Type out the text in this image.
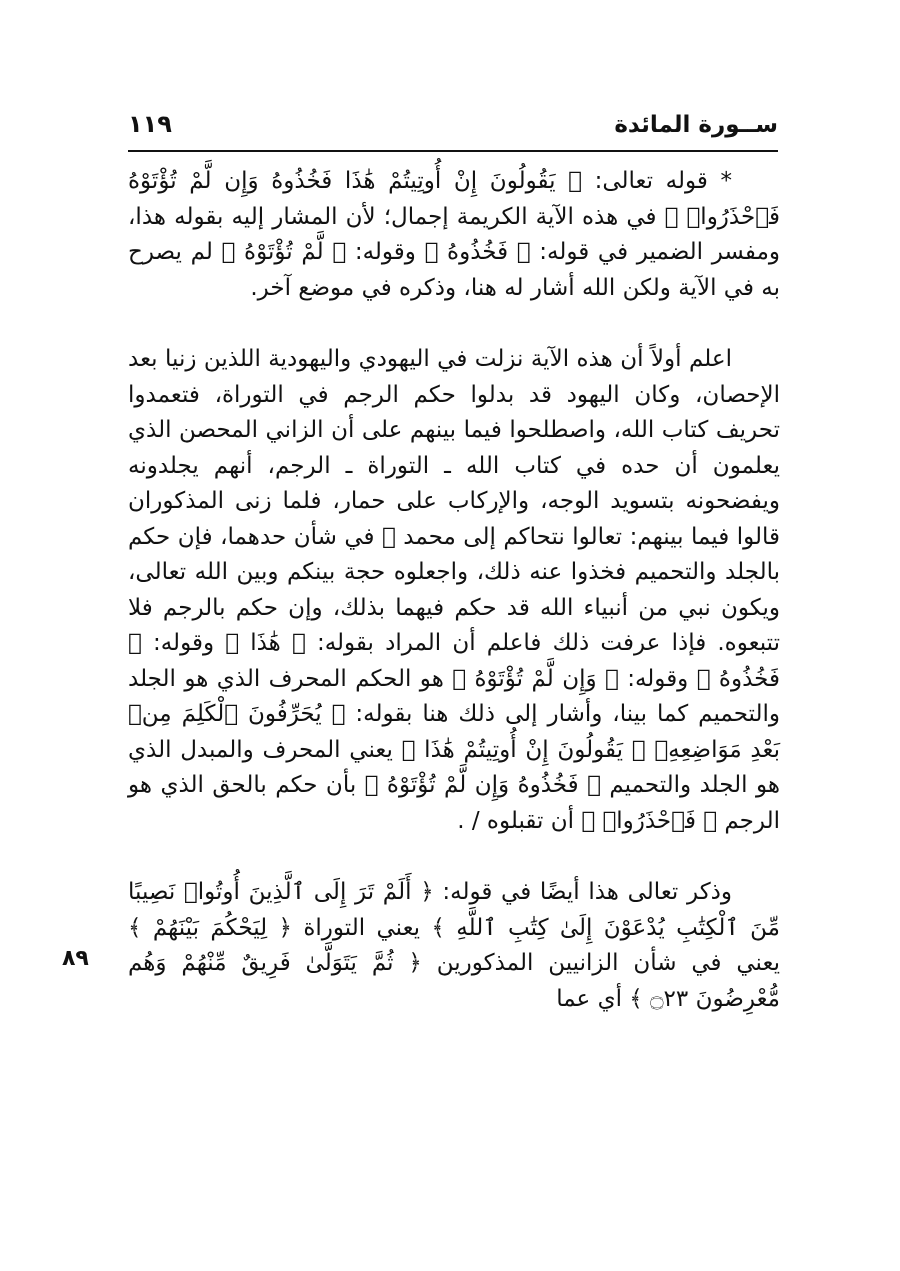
ســورة المائدة
١١٩

* قوله تعالى: ﴿ يَقُولُونَ إِنْ أُوتِيتُمْ هَٰذَا فَخُذُوهُ وَإِن لَّمْ تُؤْتَوْهُ فَٱحْذَرُوا۟ ﴾ في هذه الآية الكريمة إجمال؛ لأن المشار إليه بقوله هذا، ومفسر الضمير في قوله: ﴿ فَخُذُوهُ ﴾ وقوله: ﴿ لَّمْ تُؤْتَوْهُ ﴾ لم يصرح به في الآية ولكن الله أشار له هنا، وذكره في موضع آخر.

اعلم أولاً أن هذه الآية نزلت في اليهودي واليهودية اللذين زنيا بعد الإحصان، وكان اليهود قد بدلوا حكم الرجم في التوراة، فتعمدوا تحريف كتاب الله، واصطلحوا فيما بينهم على أن الزاني المحصن الذي يعلمون أن حده في كتاب الله ـ التوراة ـ الرجم، أنهم يجلدونه ويفضحونه بتسويد الوجه، والإركاب على حمار، فلما زنى المذكوران قالوا فيما بينهم: تعالوا نتحاكم إلى محمد ﷺ في شأن حدهما، فإن حكم بالجلد والتحميم فخذوا عنه ذلك، واجعلوه حجة بينكم وبين الله تعالى، ويكون نبي من أنبياء الله قد حكم فيهما بذلك، وإن حكم بالرجم فلا تتبعوه. فإذا عرفت ذلك فاعلم أن المراد بقوله: ﴿ هَٰذَا ﴾ وقوله: ﴿ فَخُذُوهُ ﴾ وقوله: ﴿ وَإِن لَّمْ تُؤْتَوْهُ ﴾ هو الحكم المحرف الذي هو الجلد والتحميم كما بينا، وأشار إلى ذلك هنا بقوله: ﴿ يُحَرِّفُونَ ٱلْكَلِمَ مِنۢ بَعْدِ مَوَاضِعِهِۦ ۖ يَقُولُونَ إِنْ أُوتِيتُمْ هَٰذَا ﴾ يعني المحرف والمبدل الذي هو الجلد والتحميم ﴿ فَخُذُوهُ وَإِن لَّمْ تُؤْتَوْهُ ﴾ بأن حكم بالحق الذي هو الرجم ﴿ فَٱحْذَرُوا۟ ﴾ أن تقبلوه / .

وذكر تعالى هذا أيضًا في قوله: ﴿ أَلَمْ تَرَ إِلَى ٱلَّذِينَ أُوتُوا۟ نَصِيبًا مِّنَ ٱلْكِتَٰبِ يُدْعَوْنَ إِلَىٰ كِتَٰبِ ٱللَّهِ ﴾ يعني التوراة ﴿ لِيَحْكُمَ بَيْنَهُمْ ﴾ يعني في شأن الزانيين المذكورين ﴿ ثُمَّ يَتَوَلَّىٰ فَرِيقٌ مِّنْهُمْ وَهُم مُّعْرِضُونَ ۝٢٣ ﴾ أي عما

٨٩
